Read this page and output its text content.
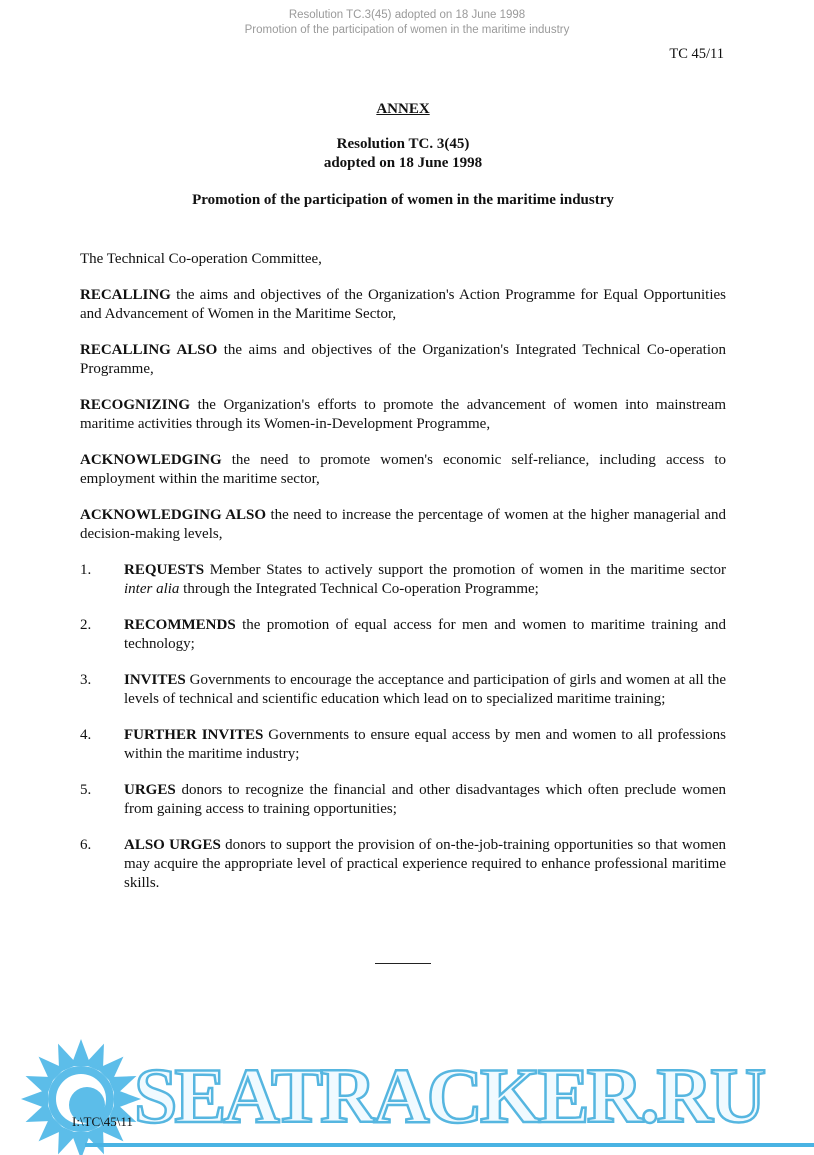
SEATRACKER.RU
Resolution TC.3(45) adopted on 18 June 1998
Promotion of the participation of women in the maritime industry
TC 45/11
ANNEX
Resolution TC. 3(45)
adopted on 18 June 1998
Promotion of the participation of women in the maritime industry

The Technical Co-operation Committee,

RECALLING the aims and objectives of the Organization's Action Programme for Equal Opportunities and Advancement of Women in the Maritime Sector,

RECALLING ALSO the aims and objectives of the Organization's Integrated Technical Co-operation Programme,

RECOGNIZING the Organization's efforts to promote the advancement of women into mainstream maritime activities through its Women-in-Development Programme,

ACKNOWLEDGING the need to promote women's economic self-reliance, including access to employment within the maritime sector,

ACKNOWLEDGING ALSO the need to increase the percentage of women at the higher managerial and decision-making levels,

1.	REQUESTS Member States to actively support the promotion of women in the maritime sector inter alia through the Integrated Technical Co-operation Programme;
2.	RECOMMENDS the promotion of equal access for men and women to maritime training and technology;
3.	INVITES Governments to encourage the acceptance and participation of girls and women at all the levels of technical and scientific education which lead on to specialized maritime training;
4.	FURTHER INVITES Governments to ensure equal access by men and women to all professions within the maritime industry;
5.	URGES donors to recognize the financial and other disadvantages which often preclude women from gaining access to training opportunities;
6.	ALSO URGES donors to support the provision of on-the-job-training opportunities so that women may acquire the appropriate level of practical experience required to enhance professional maritime skills.
I:\TC\45\11
